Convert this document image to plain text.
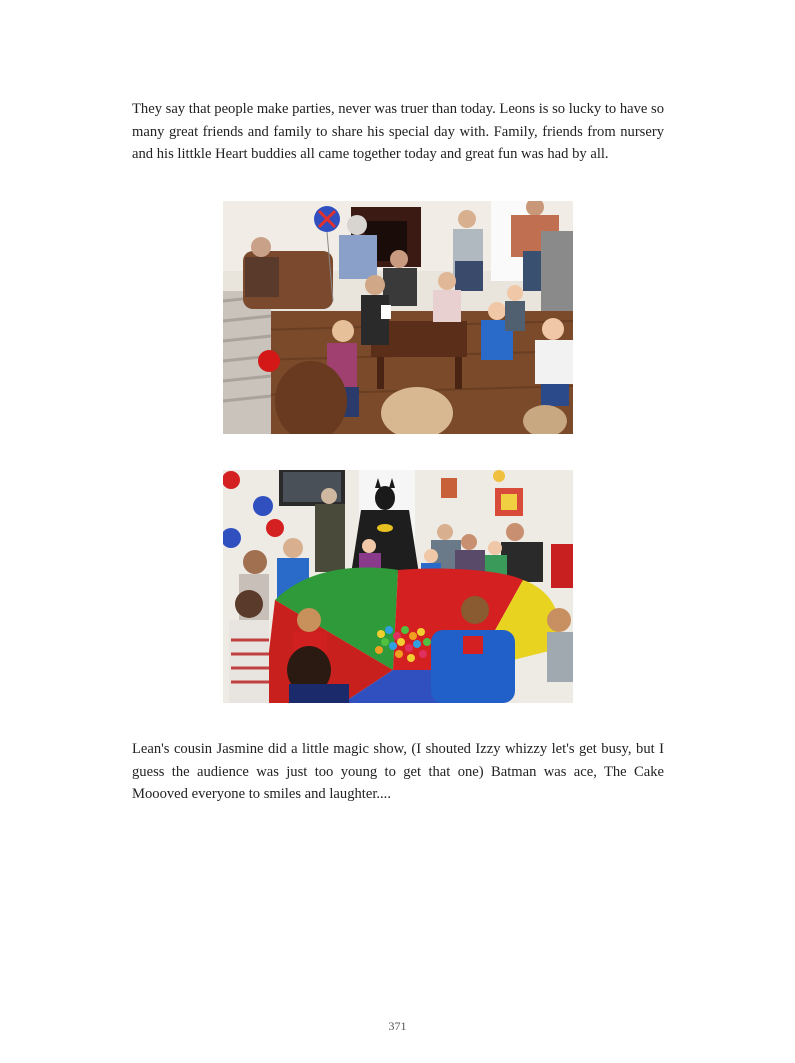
They say that people make parties, never was truer than today. Leons is so lucky to have so many great friends and family to share his special day with. Family, friends from nursery and his littkle Heart buddies all came together today and great fun was had by all.

Lean's cousin Jasmine did a little magic show, (I shouted Izzy whizzy let's get busy, but I guess the audience was just too young to get that one) Batman was ace, The Cake Moooved everyone to smiles and laughter....

371
